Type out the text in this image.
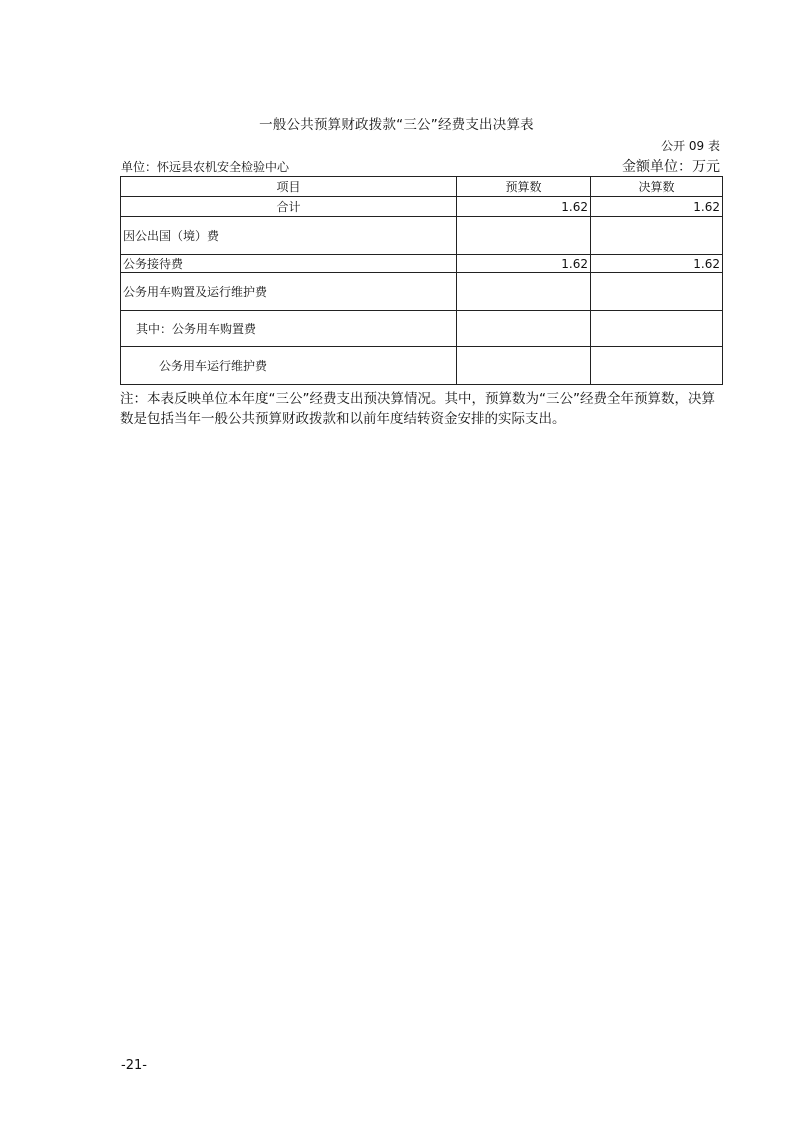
一般公共预算财政拨款“三公”经费支出决算表
公开 09 表
单位：怀远县农机安全检验中心	金额单位：万元
项目	预算数	决算数
合计	1.62	1.62
因公出国（境）费		
公务接待费	1.62	1.62
公务用车购置及运行维护费		
其中：公务用车购置费		
公务用车运行维护费		
注：本表反映单位本年度“三公”经费支出预决算情况。其中，预算数为“三公”经费全年预算数，决算数是包括当年一般公共预算财政拨款和以前年度结转资金安排的实际支出。
-21-
